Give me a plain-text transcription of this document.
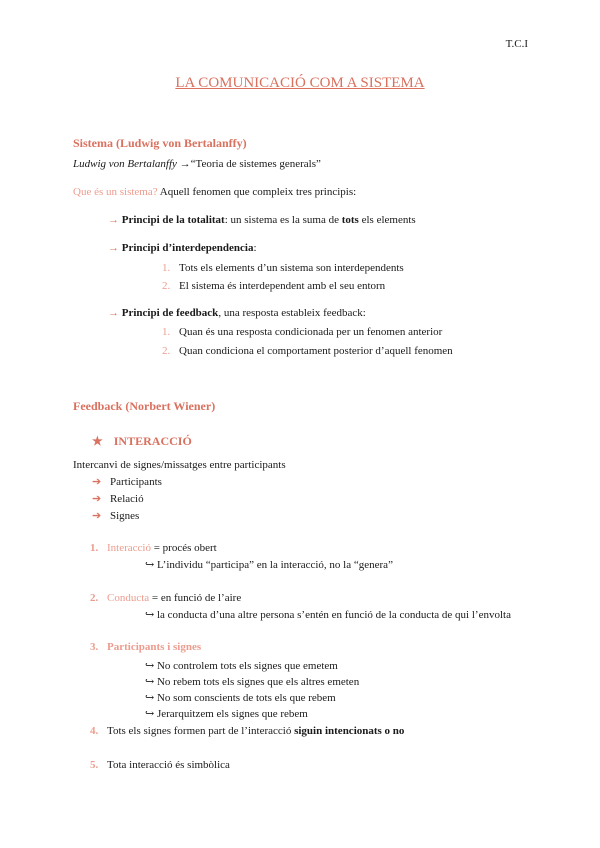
T.C.I
LA COMUNICACIÓ COM A SISTEMA
Sistema (Ludwig von Bertalanffy)
Ludwig von Bertalanffy →“Teoria de sistemes generals”
Que és un sistema? Aquell fenomen que compleix tres principis:
→ Principi de la totalitat: un sistema es la suma de tots els elements
→ Principi d’interdependencia:
1. Tots els elements d’un sistema son interdependents
2. El sistema és interdependent amb el seu entorn
→ Principi de feedback, una resposta estableix feedback:
1. Quan és una resposta condicionada per un fenomen anterior
2. Quan condiciona el comportament posterior d’aquell fenomen
Feedback (Norbert Wiener)
★ INTERACCIÓ
Intercanvi de signes/missatges entre participants
➔ Participants
➔ Relació
➔ Signes
1. Interacció = procés obert
↪ L’individu “participa” en la interacció, no la “genera”
2. Conducta = en funció de l’aire
↪ la conducta d’una altre persona s’entén en funció de la conducta de qui l’envolta
3. Participants i signes
↪ No controlem tots els signes que emetem
↪ No rebem tots els signes que els altres emeten
↪ No som conscients de tots els que rebem
↪ Jerarquitzem els signes que rebem
4. Tots els signes formen part de l’interacció siguin intencionats o no
5. Tota interacció és simbòlica
